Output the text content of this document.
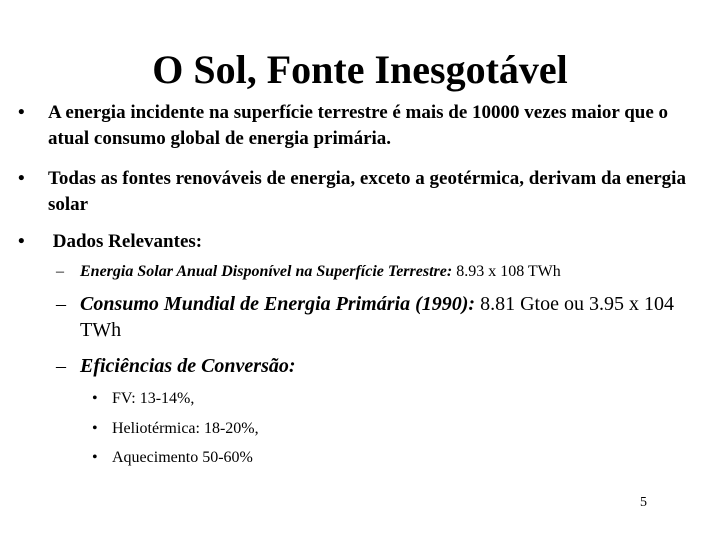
O Sol, Fonte Inesgotável
• A energia incidente na superfície terrestre é mais de 10000 vezes maior que o atual consumo global de energia primária.
• Todas as fontes renováveis de energia, exceto a geotérmica, derivam da energia solar
• Dados Relevantes:
– Energia Solar Anual Disponível na Superfície Terrestre: 8.93 x 108 TWh
– Consumo Mundial de Energia Primária (1990): 8.81 Gtoe ou 3.95 x 104 TWh
– Eficiências de Conversão:
• FV: 13-14%,
• Heliotérmica: 18-20%,
• Aquecimento 50-60%
5
